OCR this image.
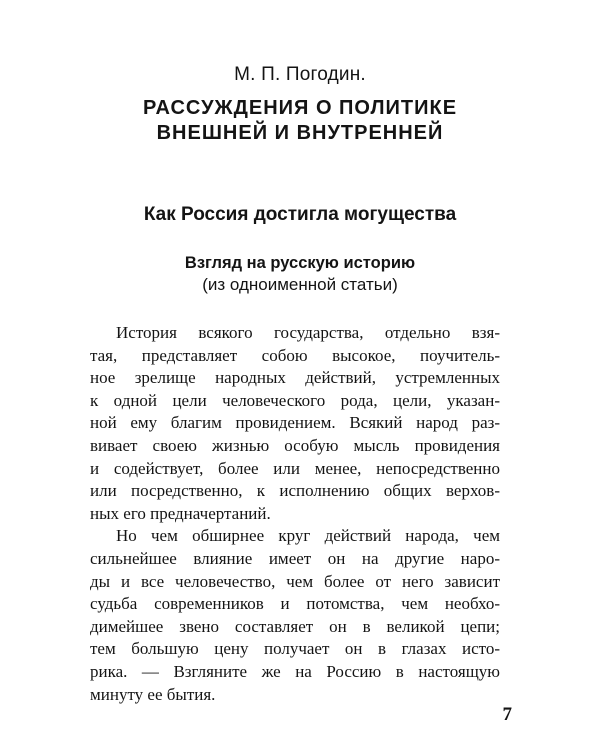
М. П. Погодин.
РАССУЖДЕНИЯ О ПОЛИТИКЕ
ВНЕШНЕЙ И ВНУТРЕННЕЙ
Как Россия достигла могущества
Взгляд на русскую историю
(из одноименной статьи)
История всякого государства, отдельно взя-
тая, представляет собою высокое, поучитель-
ное зрелище народных действий, устремленных
к одной цели человеческого рода, цели, указан-
ной ему благим провидением. Всякий народ раз-
вивает своею жизнью особую мысль провидения
и содействует, более или менее, непосредственно
или посредственно, к исполнению общих верхов-
ных его предначертаний.
Но чем обширнее круг действий народа, чем
сильнейшее влияние имеет он на другие наро-
ды и все человечество, чем более от него зависит
судьба современников и потомства, чем необхо-
димейшее звено составляет он в великой цепи;
тем большую цену получает он в глазах исто-
рика. — Взгляните же на Россию в настоящую
минуту ее бытия.
7
